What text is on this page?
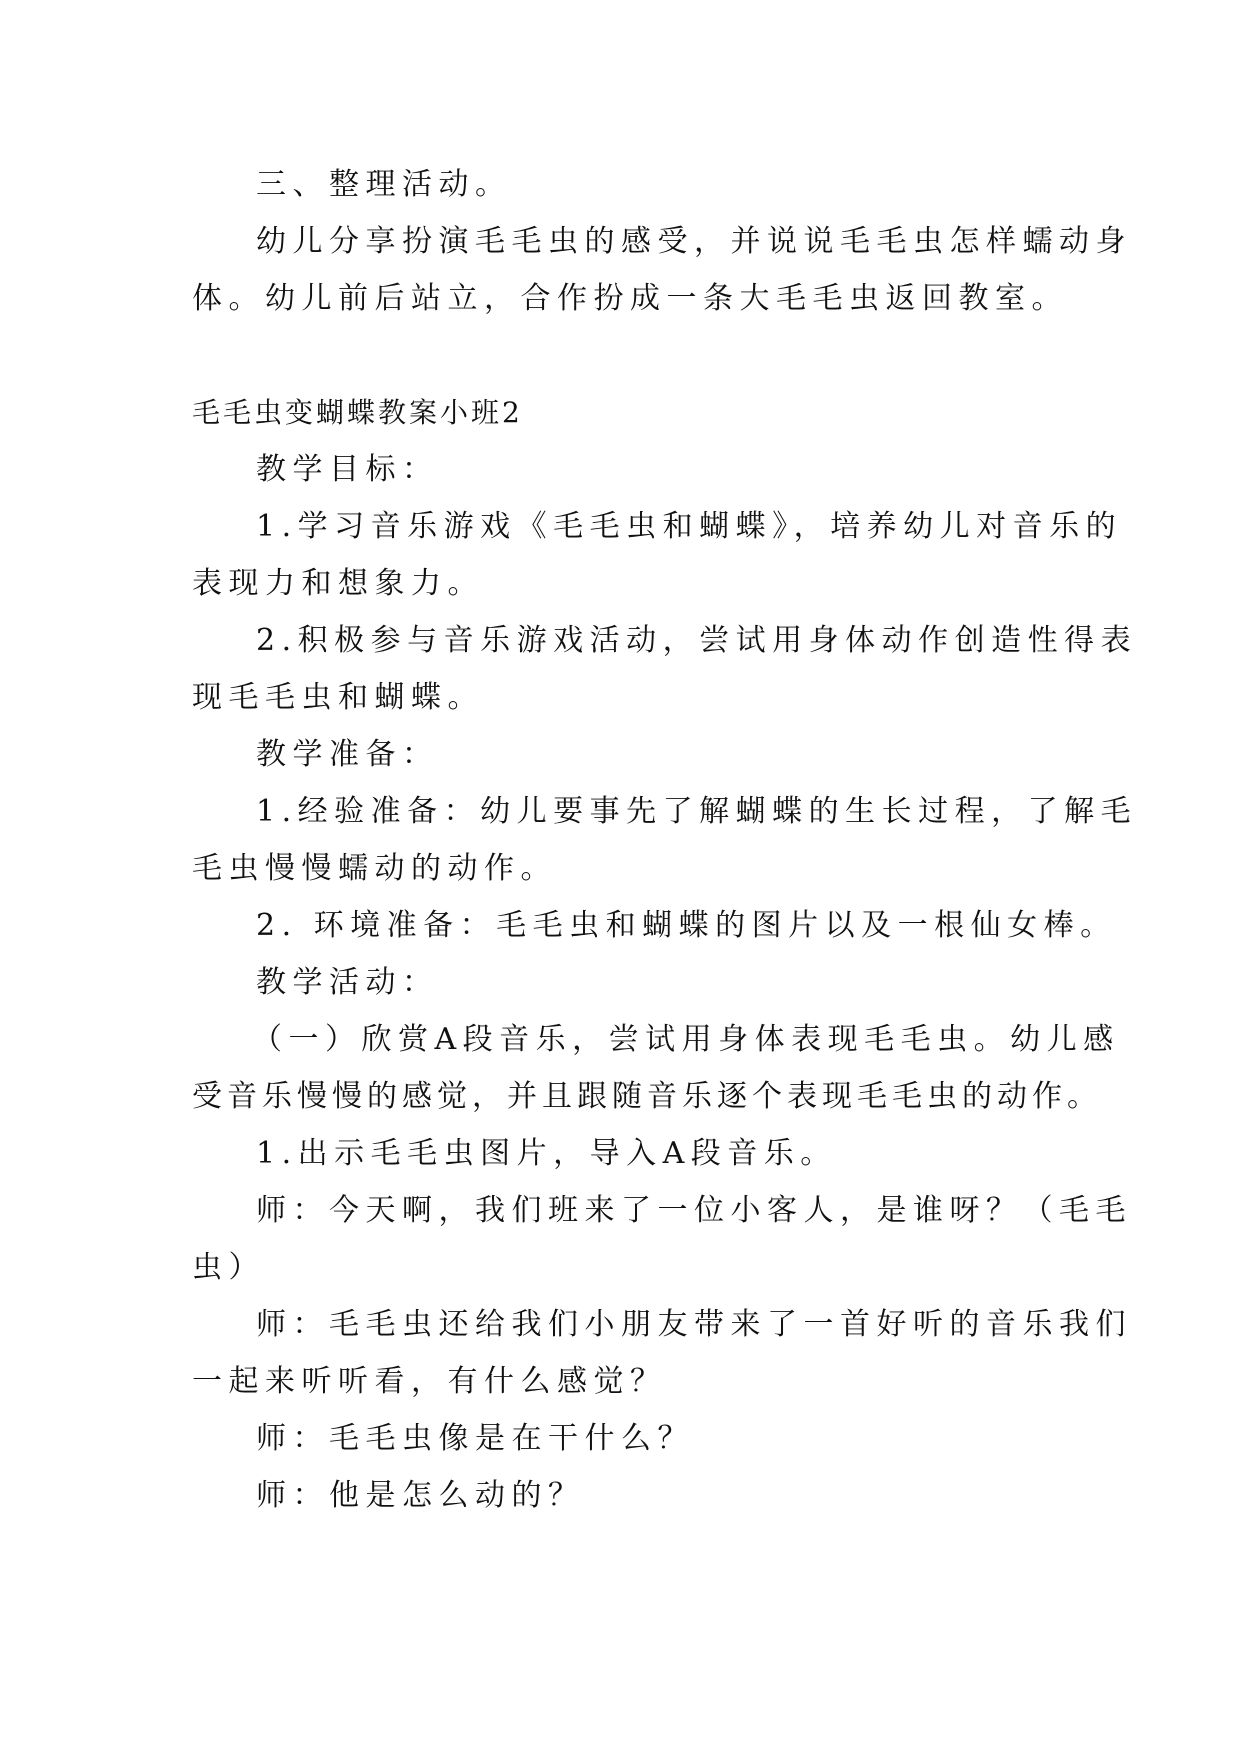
三、整理活动。
幼儿分享扮演毛毛虫的感受，并说说毛毛虫怎样蠕动身
体。幼儿前后站立，合作扮成一条大毛毛虫返回教室。
毛毛虫变蝴蝶教案小班2
教学目标：
1.学习音乐游戏《毛毛虫和蝴蝶》，培养幼儿对音乐的
表现力和想象力。
2.积极参与音乐游戏活动，尝试用身体动作创造性得表
现毛毛虫和蝴蝶。
教学准备：
1.经验准备：幼儿要事先了解蝴蝶的生长过程，了解毛
毛虫慢慢蠕动的动作。
2. 环境准备：毛毛虫和蝴蝶的图片以及一根仙女棒。
教学活动：
（一）欣赏A段音乐，尝试用身体表现毛毛虫。幼儿感
受音乐慢慢的感觉，并且跟随音乐逐个表现毛毛虫的动作。
1.出示毛毛虫图片，导入A段音乐。
师：今天啊，我们班来了一位小客人，是谁呀？（毛毛
虫）
师：毛毛虫还给我们小朋友带来了一首好听的音乐我们
一起来听听看，有什么感觉？
师：毛毛虫像是在干什么？
师：他是怎么动的？
